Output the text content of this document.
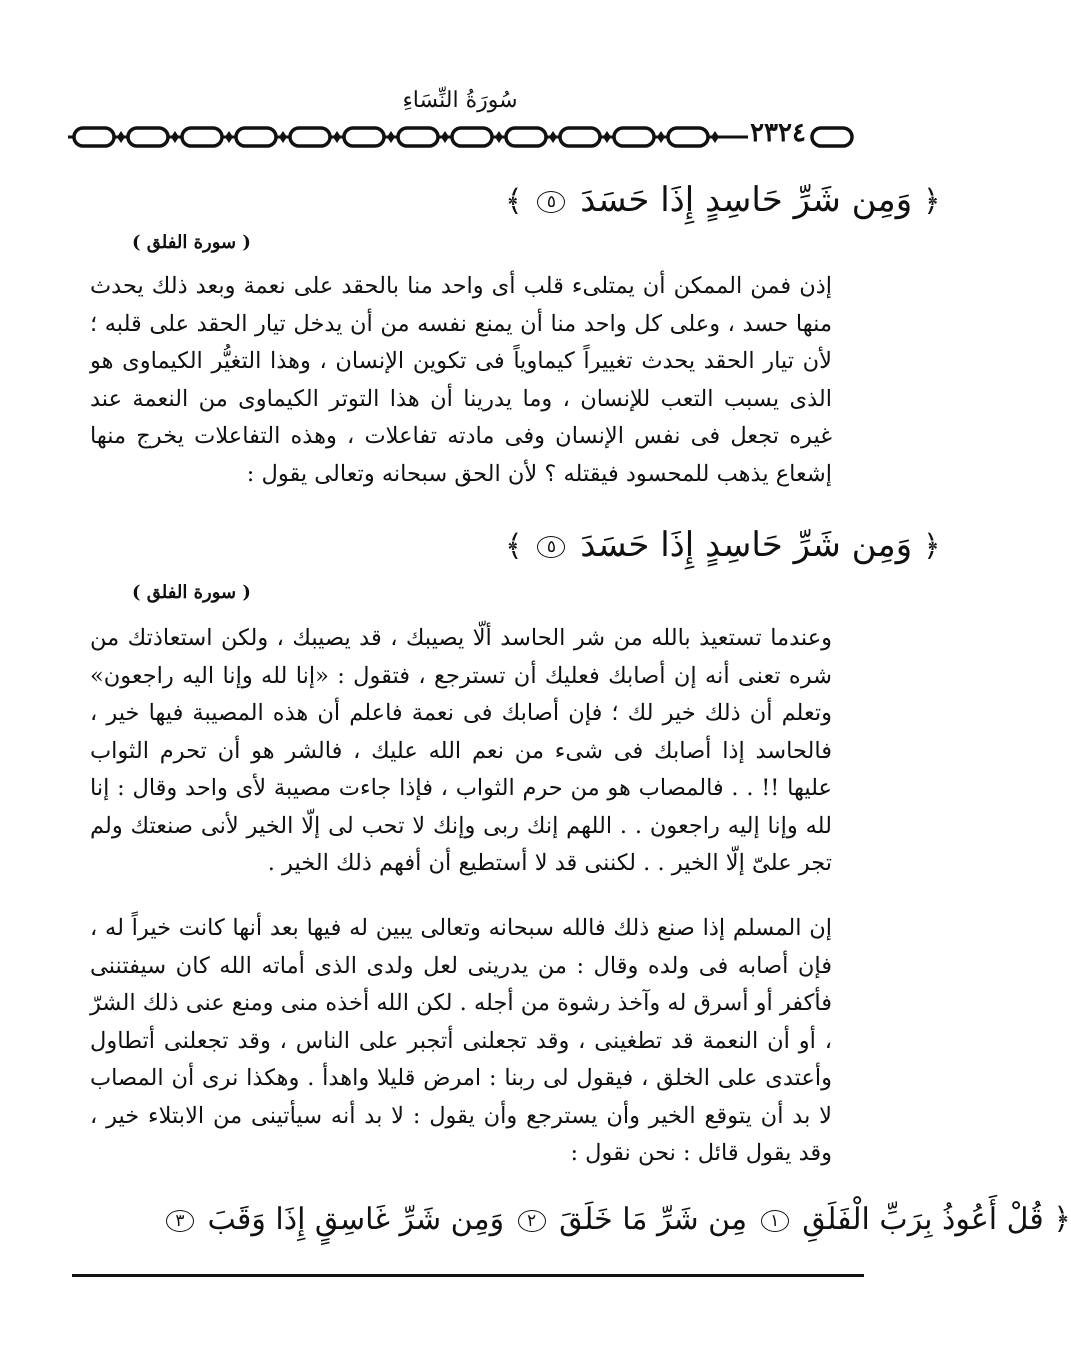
سُورَةُ النِّسَاءِ
٢٣٢٤
﴿ وَمِن شَرِّ حَاسِدٍ إِذَا حَسَدَ ٥ ﴾
( سورة الفلق )

إذن فمن الممكن أن يمتلىء قلب أى واحد منا بالحقد على نعمة وبعد ذلك يحدث منها حسد ، وعلى كل واحد منا أن يمنع نفسه من أن يدخل تيار الحقد على قلبه ؛ لأن تيار الحقد يحدث تغييراً كيماوياً فى تكوين الإنسان ، وهذا التغيُّر الكيماوى هو الذى يسبب التعب للإنسان ، وما يدرينا أن هذا التوتر الكيماوى من النعمة عند غيره تجعل فى نفس الإنسان وفى مادته تفاعلات ، وهذه التفاعلات يخرج منها إشعاع يذهب للمحسود فيقتله ؟ لأن الحق سبحانه وتعالى يقول :

﴿ وَمِن شَرِّ حَاسِدٍ إِذَا حَسَدَ ٥ ﴾
( سورة الفلق )

وعندما تستعيذ بالله من شر الحاسد ألّا يصيبك ، قد يصيبك ، ولكن استعاذتك من شره تعنى أنه إن أصابك فعليك أن تسترجع ، فتقول : «إنا لله وإنا اليه راجعون» وتعلم أن ذلك خير لك ؛ فإن أصابك فى نعمة فاعلم أن هذه المصيبة فيها خير ، فالحاسد إذا أصابك فى شىء من نعم الله عليك ، فالشر هو أن تحرم الثواب عليها !! . . فالمصاب هو من حرم الثواب ، فإذا جاءت مصيبة لأى واحد وقال : إنا لله وإنا إليه راجعون . . اللهم إنك ربى وإنك لا تحب لى إلّا الخير لأنى صنعتك ولم تجر علىّ إلّا الخير . . لكننى قد لا أستطيع أن أفهم ذلك الخير .

إن المسلم إذا صنع ذلك فالله سبحانه وتعالى يبين له فيها بعد أنها كانت خيراً له ، فإن أصابه فى ولده وقال : من يدرينى لعل ولدى الذى أماته الله كان سيفتننى فأكفر أو أسرق له وآخذ رشوة من أجله . لكن الله أخذه منى ومنع عنى ذلك الشرّ ، أو أن النعمة قد تطغينى ، وقد تجعلنى أتجبر على الناس ، وقد تجعلنى أتطاول وأعتدى على الخلق ، فيقول لى ربنا : امرض قليلا واهدأ . وهكذا نرى أن المصاب لا بد أن يتوقع الخير وأن يسترجع وأن يقول : لا بد أنه سيأتينى من الابتلاء خير ، وقد يقول قائل : نحن نقول :

﴿ قُلْ أَعُوذُ بِرَبِّ الْفَلَقِ ١ مِن شَرِّ مَا خَلَقَ ٢ وَمِن شَرِّ غَاسِقٍ إِذَا وَقَبَ ٣
